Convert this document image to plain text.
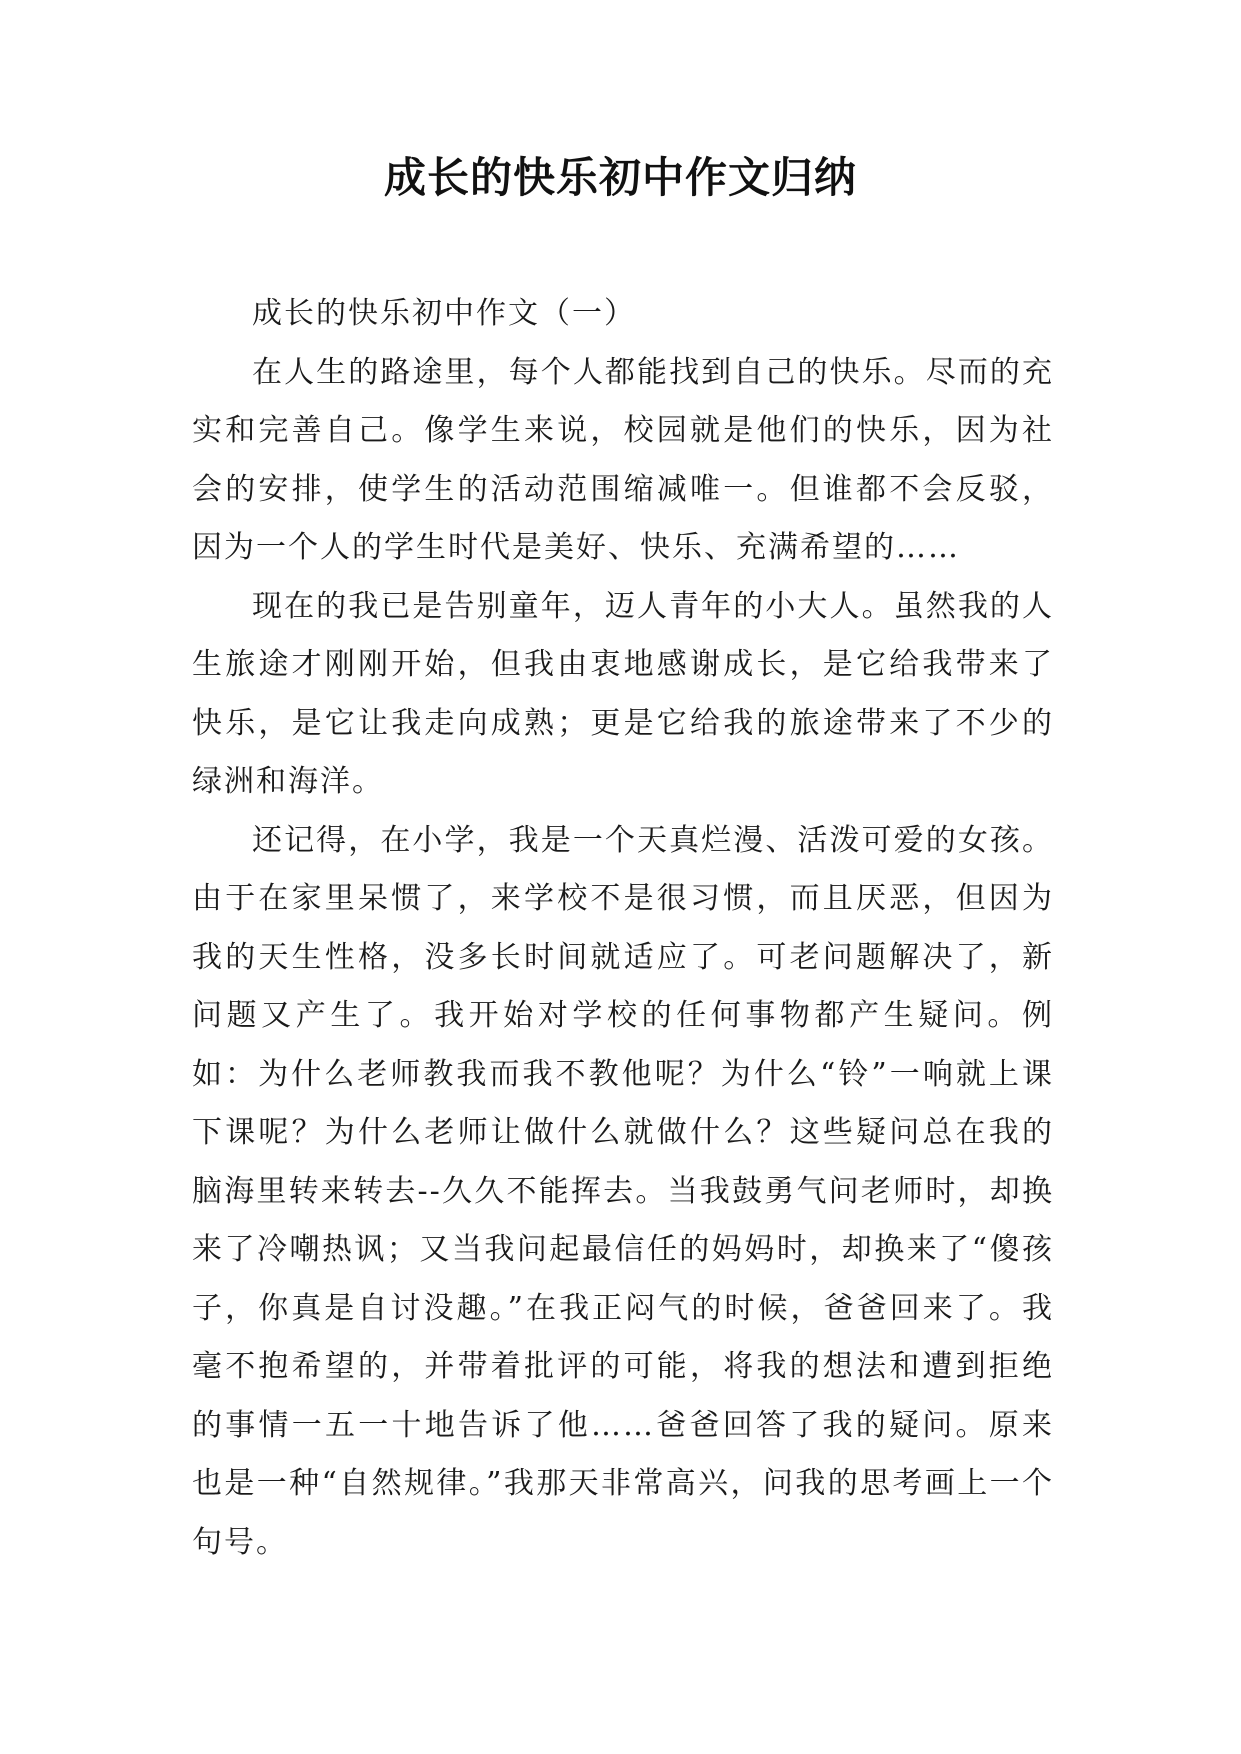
成长的快乐初中作文归纳

成长的快乐初中作文（一）

在人生的路途里，每个人都能找到自己的快乐。尽而的充实和完善自己。像学生来说，校园就是他们的快乐，因为社会的安排，使学生的活动范围缩减唯一。但谁都不会反驳，因为一个人的学生时代是美好、快乐、充满希望的……

现在的我已是告别童年，迈人青年的小大人。虽然我的人生旅途才刚刚开始，但我由衷地感谢成长，是它给我带来了快乐，是它让我走向成熟；更是它给我的旅途带来了不少的绿洲和海洋。

还记得，在小学，我是一个天真烂漫、活泼可爱的女孩。由于在家里呆惯了，来学校不是很习惯，而且厌恶，但因为我的天生性格，没多长时间就适应了。可老问题解决了，新问题又产生了。我开始对学校的任何事物都产生疑问。例如：为什么老师教我而我不教他呢？为什么“铃”一响就上课下课呢？为什么老师让做什么就做什么？这些疑问总在我的脑海里转来转去--久久不能挥去。当我鼓勇气问老师时，却换来了冷嘲热讽；又当我问起最信任的妈妈时，却换来了“傻孩子，你真是自讨没趣。”在我正闷气的时候，爸爸回来了。我毫不抱希望的，并带着批评的可能，将我的想法和遭到拒绝的事情一五一十地告诉了他……爸爸回答了我的疑问。原来也是一种“自然规律。”我那天非常高兴，问我的思考画上一个句号。
